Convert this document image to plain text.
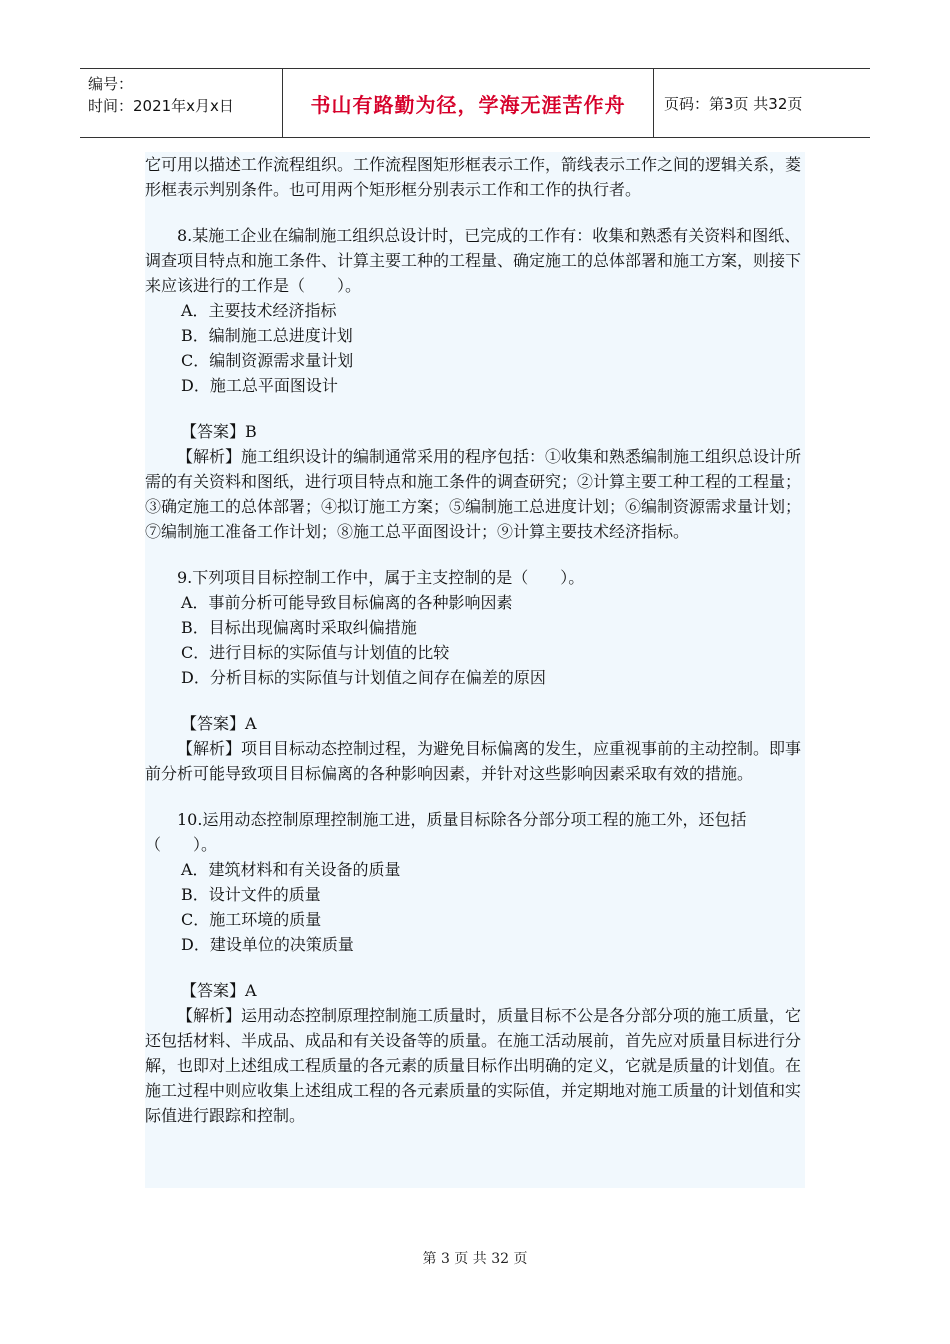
编号：
时间：2021年x月x日	书山有路勤为径，学海无涯苦作舟	页码：第3页 共32页

它可用以描述工作流程组织。工作流程图矩形框表示工作，箭线表示工作之间的逻辑关系，菱形框表示判别条件。也可用两个矩形框分别表示工作和工作的执行者。

8.某施工企业在编制施工组织总设计时，已完成的工作有：收集和熟悉有关资料和图纸、调查项目特点和施工条件、计算主要工种的工程量、确定施工的总体部署和施工方案，则接下来应该进行的工作是（　　）。

A．主要技术经济指标

B．编制施工总进度计划

C．编制资源需求量计划

D．施工总平面图设计

【答案】B

【解析】施工组织设计的编制通常采用的程序包括：①收集和熟悉编制施工组织总设计所需的有关资料和图纸，进行项目特点和施工条件的调查研究；②计算主要工种工程的工程量；③确定施工的总体部署；④拟订施工方案；⑤编制施工总进度计划；⑥编制资源需求量计划；⑦编制施工准备工作计划；⑧施工总平面图设计；⑨计算主要技术经济指标。

9.下列项目目标控制工作中，属于主支控制的是（　　）。

A．事前分析可能导致目标偏离的各种影响因素

B．目标出现偏离时采取纠偏措施

C．进行目标的实际值与计划值的比较

D．分析目标的实际值与计划值之间存在偏差的原因

【答案】A

【解析】项目目标动态控制过程，为避免目标偏离的发生，应重视事前的主动控制。即事前分析可能导致项目目标偏离的各种影响因素，并针对这些影响因素采取有效的措施。

10.运用动态控制原理控制施工进，质量目标除各分部分项工程的施工外，还包括（　　）。

A．建筑材料和有关设备的质量

B．设计文件的质量

C．施工环境的质量

D．建设单位的决策质量

【答案】A

【解析】运用动态控制原理控制施工质量时，质量目标不公是各分部分项的施工质量，它还包括材料、半成品、成品和有关设备等的质量。在施工活动展前，首先应对质量目标进行分解，也即对上述组成工程质量的各元素的质量目标作出明确的定义，它就是质量的计划值。在施工过程中则应收集上述组成工程的各元素质量的实际值，并定期地对施工质量的计划值和实际值进行跟踪和控制。

第 3 页 共 32 页
